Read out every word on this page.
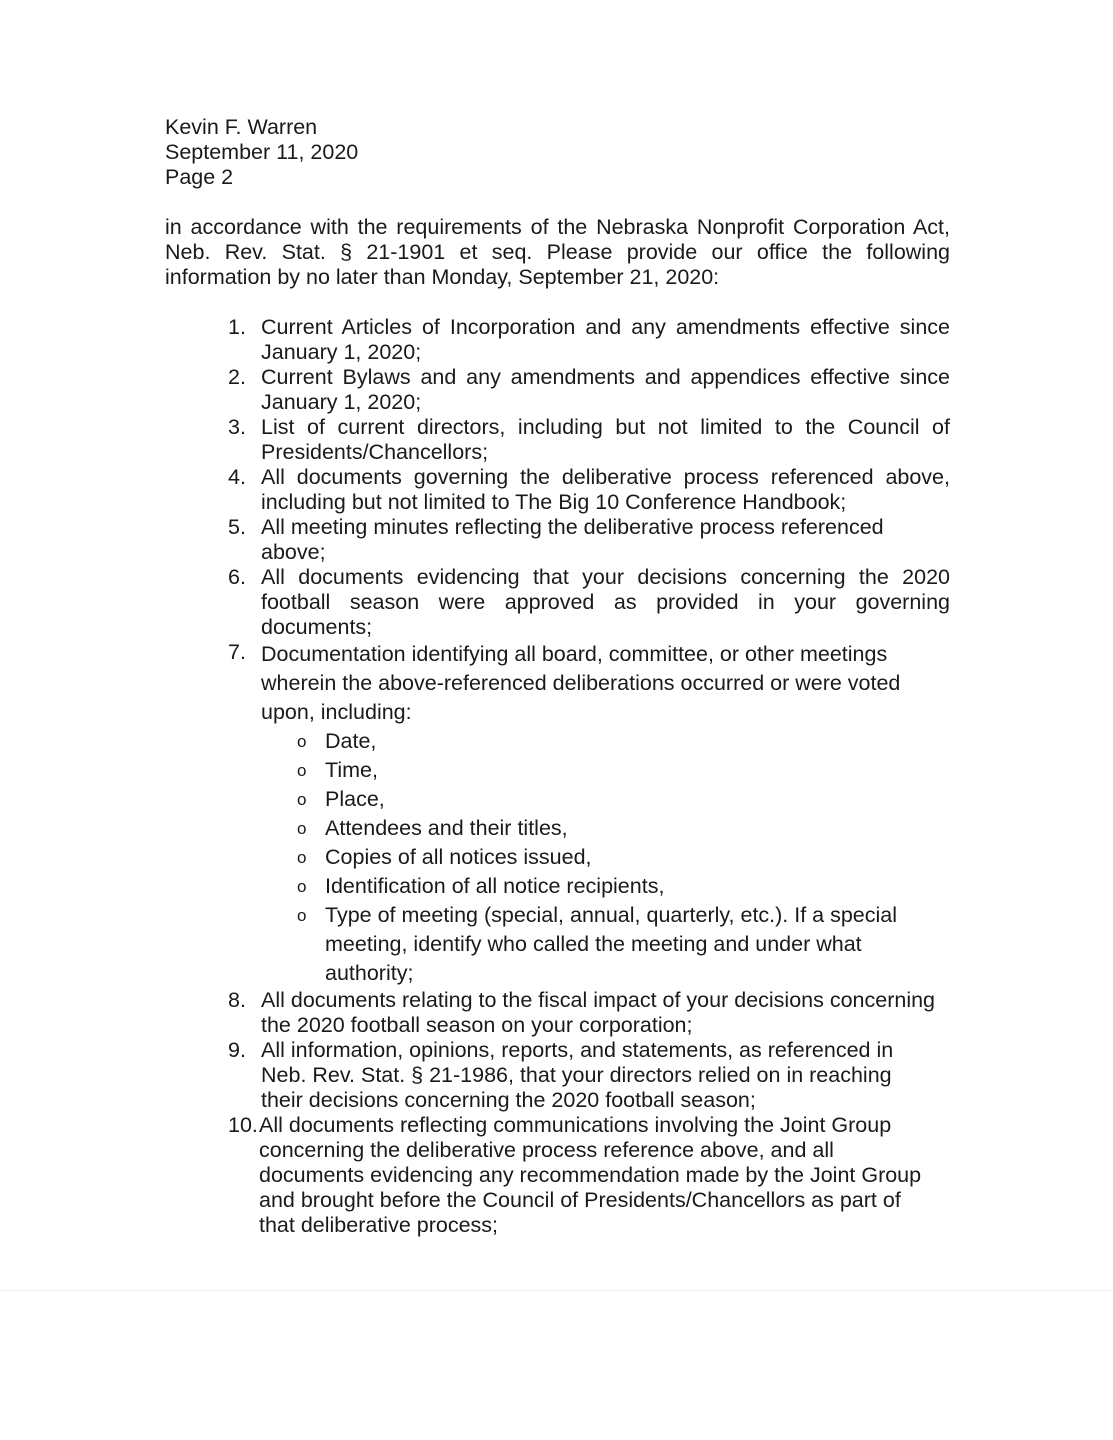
Kevin F. Warren
September 11, 2020
Page 2

in accordance with the requirements of the Nebraska Nonprofit Corporation Act, Neb. Rev. Stat. § 21-1901 et seq. Please provide our office the following information by no later than Monday, September 21, 2020:

1. Current Articles of Incorporation and any amendments effective since January 1, 2020;
2. Current Bylaws and any amendments and appendices effective since January 1, 2020;
3. List of current directors, including but not limited to the Council of Presidents/Chancellors;
4. All documents governing the deliberative process referenced above, including but not limited to The Big 10 Conference Handbook;
5. All meeting minutes reflecting the deliberative process referenced above;
6. All documents evidencing that your decisions concerning the 2020 football season were approved as provided in your governing documents;
7. Documentation identifying all board, committee, or other meetings wherein the above-referenced deliberations occurred or were voted upon, including:
o Date,
o Time,
o Place,
o Attendees and their titles,
o Copies of all notices issued,
o Identification of all notice recipients,
o Type of meeting (special, annual, quarterly, etc.). If a special meeting, identify who called the meeting and under what authority;
8. All documents relating to the fiscal impact of your decisions concerning the 2020 football season on your corporation;
9. All information, opinions, reports, and statements, as referenced in Neb. Rev. Stat. § 21-1986, that your directors relied on in reaching their decisions concerning the 2020 football season;
10. All documents reflecting communications involving the Joint Group concerning the deliberative process reference above, and all documents evidencing any recommendation made by the Joint Group and brought before the Council of Presidents/Chancellors as part of that deliberative process;
